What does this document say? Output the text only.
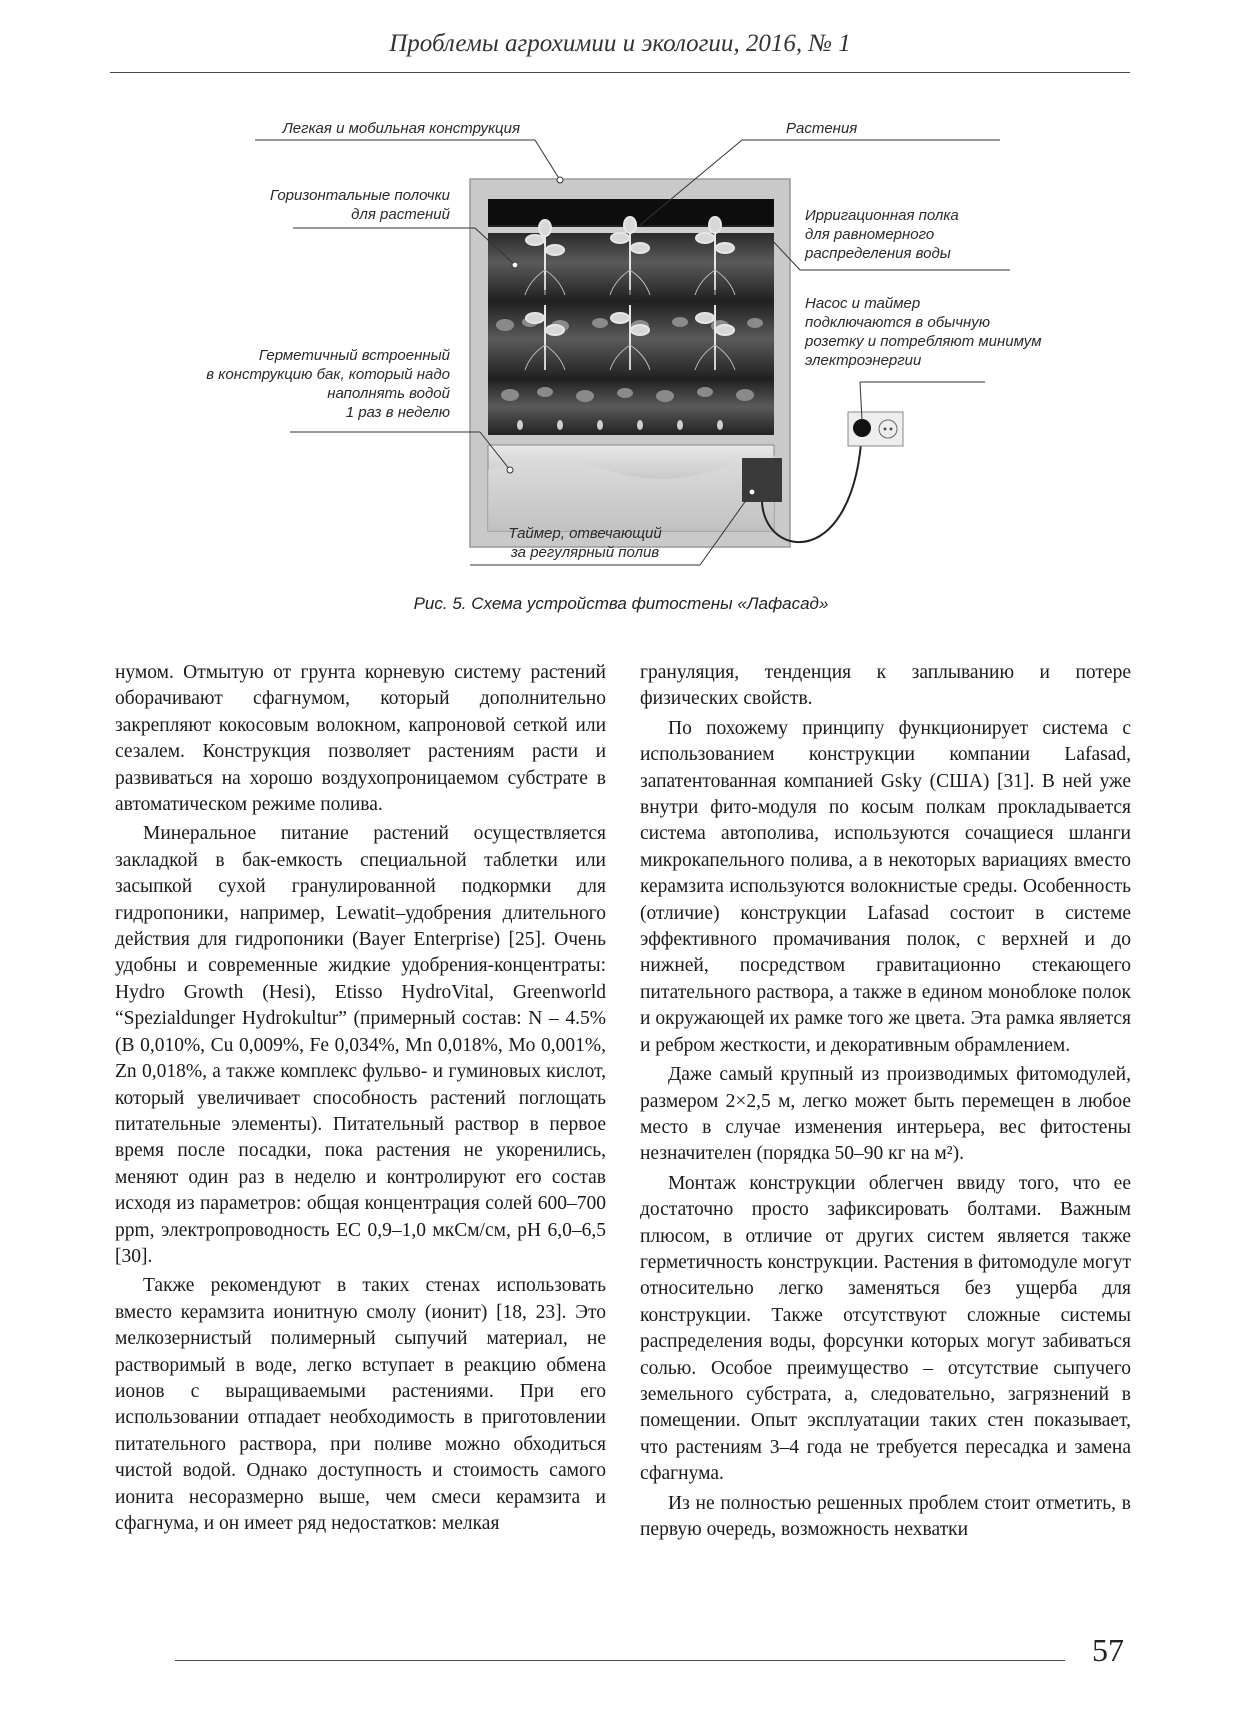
Проблемы агрохимии и экологии, 2016, № 1
Легкая и мобильная конструкция	Растения
Горизонтальные полочки
для растений	Ирригационная полка
для равномерного
распределения воды
Насос и таймер
подключаются в обычную
розетку и потребляют минимум
электроэнергии
Герметичный встроенный
в конструкцию бак, который надо
наполнять водой
1 раз в неделю
Таймер, отвечающий
за регулярный полив
Рис. 5. Схема устройства фитостены «Лафасад»

нумом. Отмытую от грунта корневую систему растений оборачивают сфагнумом, который дополнительно закрепляют кокосовым волокном, капроновой сеткой или сезалем. Конструкция позволяет растениям расти и развиваться на хорошо воздухопроницаемом субстрате в автоматическом режиме полива.

Минеральное питание растений осуществляется закладкой в бак-емкость специальной таблетки или засыпкой сухой гранулированной подкормки для гидропоники, например, Lewatit–удобрения длительного действия для гидропоники (Bayer Enterprise) [25]. Очень удобны и современные жидкие удобрения-концентраты: Hydro Growth (Hesi), Etisso HydroVital, Greenworld “Spezialdunger Hydrokultur” (примерный состав: N – 4.5% (B 0,010%, Cu 0,009%, Fe 0,034%, Mn 0,018%, Mo 0,001%, Zn 0,018%, а также комплекс фульво- и гуминовых кислот, который увеличивает способность растений поглощать питательные элементы). Питательный раствор в первое время после посадки, пока растения не укоренились, меняют один раз в неделю и контролируют его состав исходя из параметров: общая концентрация солей 600–700 ppm, электропроводность EC 0,9–1,0 мкСм/см, pH 6,0–6,5 [30].

Также рекомендуют в таких стенах использовать вместо керамзита ионитную смолу (ионит) [18, 23]. Это мелкозернистый полимерный сыпучий материал, не растворимый в воде, легко вступает в реакцию обмена ионов с выращиваемыми растениями. При его использовании отпадает необходимость в приготовлении питательного раствора, при поливе можно обходиться чистой водой. Однако доступность и стоимость самого ионита несоразмерно выше, чем смеси керамзита и сфагнума, и он имеет ряд недостатков: мелкая

грануляция, тенденция к заплыванию и потере физических свойств.

По похожему принципу функционирует система с использованием конструкции компании Lafasad, запатентованная компанией Gsky (США) [31]. В ней уже внутри фито-модуля по косым полкам прокладывается система автополива, используются сочащиеся шланги микрокапельного полива, а в некоторых вариациях вместо керамзита используются волокнистые среды. Особенность (отличие) конструкции Lafasad состоит в системе эффективного промачивания полок, с верхней и до нижней, посредством гравитационно стекающего питательного раствора, а также в едином моноблоке полок и окружающей их рамке того же цвета. Эта рамка является и ребром жесткости, и декоративным обрамлением.

Даже самый крупный из производимых фитомодулей, размером 2×2,5 м, легко может быть перемещен в любое место в случае изменения интерьера, вес фитостены незначителен (порядка 50–90 кг на м²).

Монтаж конструкции облегчен ввиду того, что ее достаточно просто зафиксировать болтами. Важным плюсом, в отличие от других систем является также герметичность конструкции. Растения в фитомодуле могут относительно легко заменяться без ущерба для конструкции. Также отсутствуют сложные системы распределения воды, форсунки которых могут забиваться солью. Особое преимущество – отсутствие сыпучего земельного субстрата, а, следовательно, загрязнений в помещении. Опыт эксплуатации таких стен показывает, что растениям 3–4 года не требуется пересадка и замена сфагнума.

Из не полностью решенных проблем стоит отметить, в первую очередь, возможность нехватки

57
